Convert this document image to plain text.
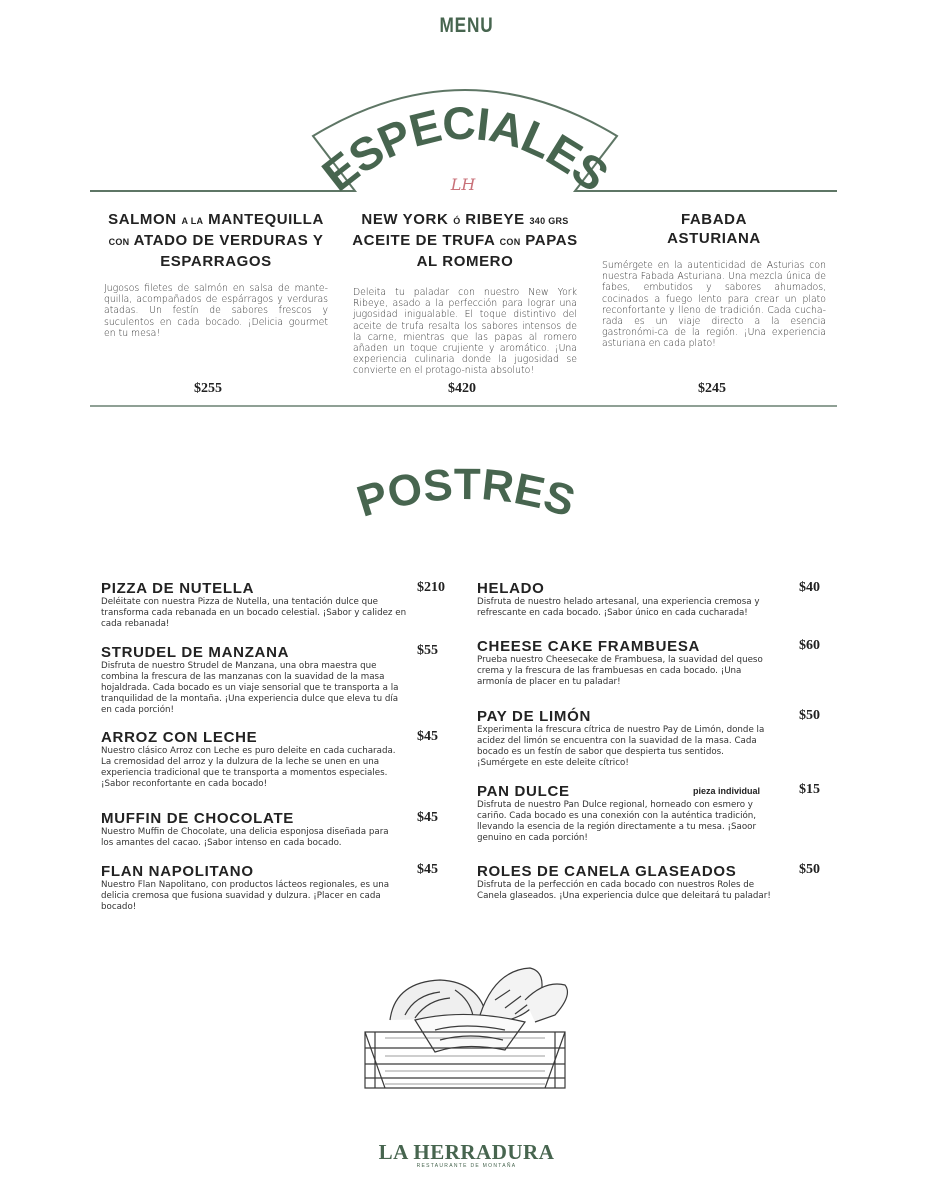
MENU
ESPECIALES
LH
SALMON A LA MANTEQUILLA
CON ATADO DE VERDURAS Y ESPARRAGOS
Jugosos filetes de salmón en salsa de mante-quilla, acompañados de espárragos y verduras atadas. Un festín de sabores frescos y suculentos en cada bocado. ¡Delicia gourmet en tu mesa!
NEW YORK Ó RIBEYE 340 GRS
ACEITE DE TRUFA CON PAPAS AL ROMERO
Deleita tu paladar con nuestro New York Ribeye, asado a la perfección para lograr una jugosidad inigualable. El toque distintivo del aceite de trufa resalta los sabores intensos de la carne, mientras que las papas al romero añaden un toque crujiente y aromático. ¡Una experiencia culinaria donde la jugosidad se convierte en el protago-nista absoluto!
FABADA
ASTURIANA
Sumérgete en la autenticidad de Asturias con nuestra Fabada Asturiana. Una mezcla única de fabes, embutidos y sabores ahumados, cocinados a fuego lento para crear un plato reconfortante y lleno de tradición. Cada cucha-rada es un viaje directo a la esencia gastronómi-ca de la región. ¡Una experiencia asturiana en cada plato!
$255	$420	$245
POSTRES
PIZZA DE NUTELLA
Deléitate con nuestra Pizza de Nutella, una tentación dulce que transforma cada rebanada en un bocado celestial. ¡Sabor y calidez en cada rebanada!
$210
STRUDEL DE MANZANA
Disfruta de nuestro Strudel de Manzana, una obra maestra que combina la frescura de las manzanas con la suavidad de la masa hojaldrada. Cada bocado es un viaje sensorial que te transporta a la tranquilidad de la montaña. ¡Una experiencia dulce que eleva tu día en cada porción!
$55
ARROZ CON LECHE
Nuestro clásico Arroz con Leche es puro deleite en cada cucharada. La cremosidad del arroz y la dulzura de la leche se unen en una experiencia tradicional que te transporta a momentos especiales. ¡Sabor reconfortante en cada bocado!
$45
MUFFIN DE CHOCOLATE
Nuestro Muffin de Chocolate, una delicia esponjosa diseñada para los amantes del cacao. ¡Sabor intenso en cada bocado.
$45
FLAN NAPOLITANO
Nuestro Flan Napolitano, con productos lácteos regionales, es una delicia cremosa que fusiona suavidad y dulzura. ¡Placer en cada bocado!
$45
HELADO
Disfruta de nuestro helado artesanal, una experiencia cremosa y refrescante en cada bocado. ¡Sabor único en cada cucharada!
$40
CHEESE CAKE FRAMBUESA
Prueba nuestro Cheesecake de Frambuesa, la suavidad del queso crema y la frescura de las frambuesas en cada bocado. ¡Una armonía de placer en tu paladar!
$60
PAY DE LIMÓN
Experimenta la frescura cítrica de nuestro Pay de Limón, donde la acidez del limón se encuentra con la suavidad de la masa. Cada bocado es un festín de sabor que despierta tus sentidos. ¡Sumérgete en este deleite cítrico!
$50
PAN DULCE
Disfruta de nuestro Pan Dulce regional, horneado con esmero y cariño. Cada bocado es una conexión con la auténtica tradición, llevando la esencia de la región directamente a tu mesa. ¡Saoor genuino en cada porción!
pieza individual	$15
ROLES DE CANELA GLASEADOS
Disfruta de la perfección en cada bocado con nuestros Roles de Canela glaseados. ¡Una experiencia dulce que deleitará tu paladar!
$50
LA HERRADURA
RESTAURANTE DE MONTAÑA
